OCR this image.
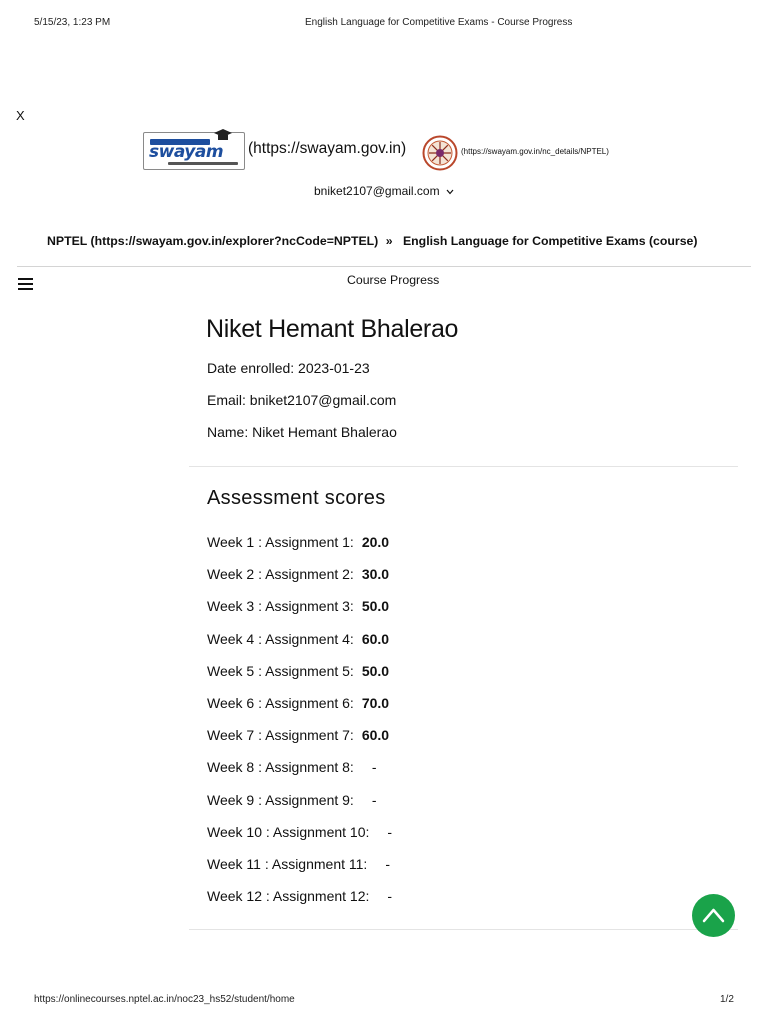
5/15/23, 1:23 PM	English Language for Competitive Exams - Course Progress
X
swayam (https://swayam.gov.in)	(https://swayam.gov.in/nc_details/NPTEL)
bniket2107@gmail.com
NPTEL (https://swayam.gov.in/explorer?ncCode=NPTEL) » English Language for Competitive Exams (course)
Course Progress
Niket Hemant Bhalerao
Date enrolled: 2023-01-23
Email: bniket2107@gmail.com
Name: Niket Hemant Bhalerao
Assessment scores
Week 1 : Assignment 1: 20.0
Week 2 : Assignment 2: 30.0
Week 3 : Assignment 3: 50.0
Week 4 : Assignment 4: 60.0
Week 5 : Assignment 5: 50.0
Week 6 : Assignment 6: 70.0
Week 7 : Assignment 7: 60.0
Week 8 : Assignment 8: -
Week 9 : Assignment 9: -
Week 10 : Assignment 10: -
Week 11 : Assignment 11: -
Week 12 : Assignment 12: -
https://onlinecourses.nptel.ac.in/noc23_hs52/student/home	1/2
